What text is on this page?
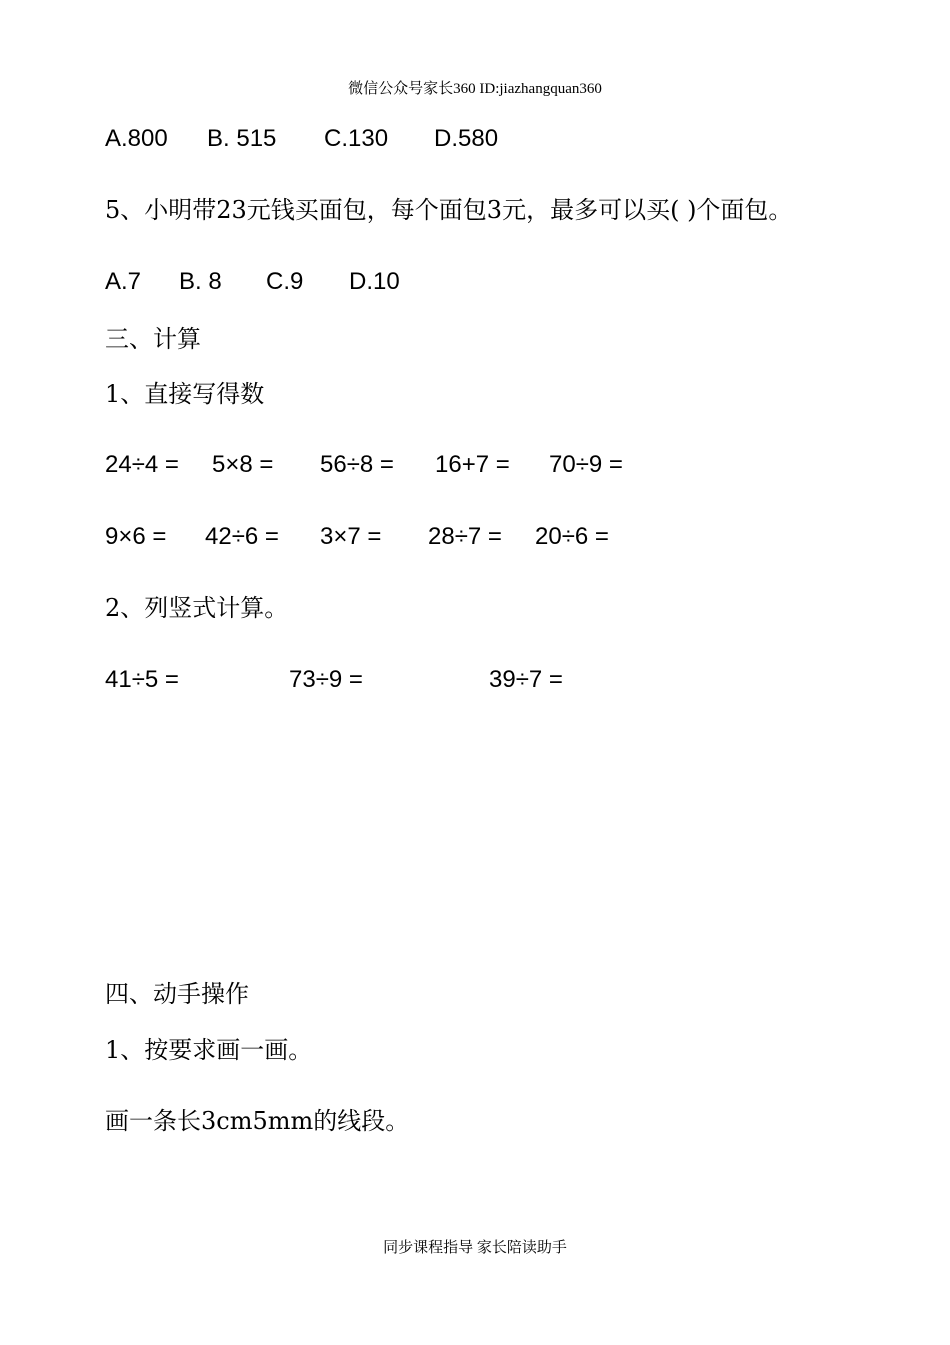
微信公众号家长360 ID:jiazhangquan360
A.800 B. 515 C.130 D.580
5、小明带23元钱买面包，每个面包3元，最多可以买( )个面包。
A.7 B. 8 C.9 D.10
三、计算
1、直接写得数
24÷4 = 5×8 = 56÷8 = 16+7 = 70÷9 =
9×6 = 42÷6 = 3×7 = 28÷7 = 20÷6 =
2、列竖式计算。
41÷5 =	73÷9 =	39÷7 =
四、动手操作
1、按要求画一画。
画一条长3cm5mm的线段。
同步课程指导 家长陪读助手
